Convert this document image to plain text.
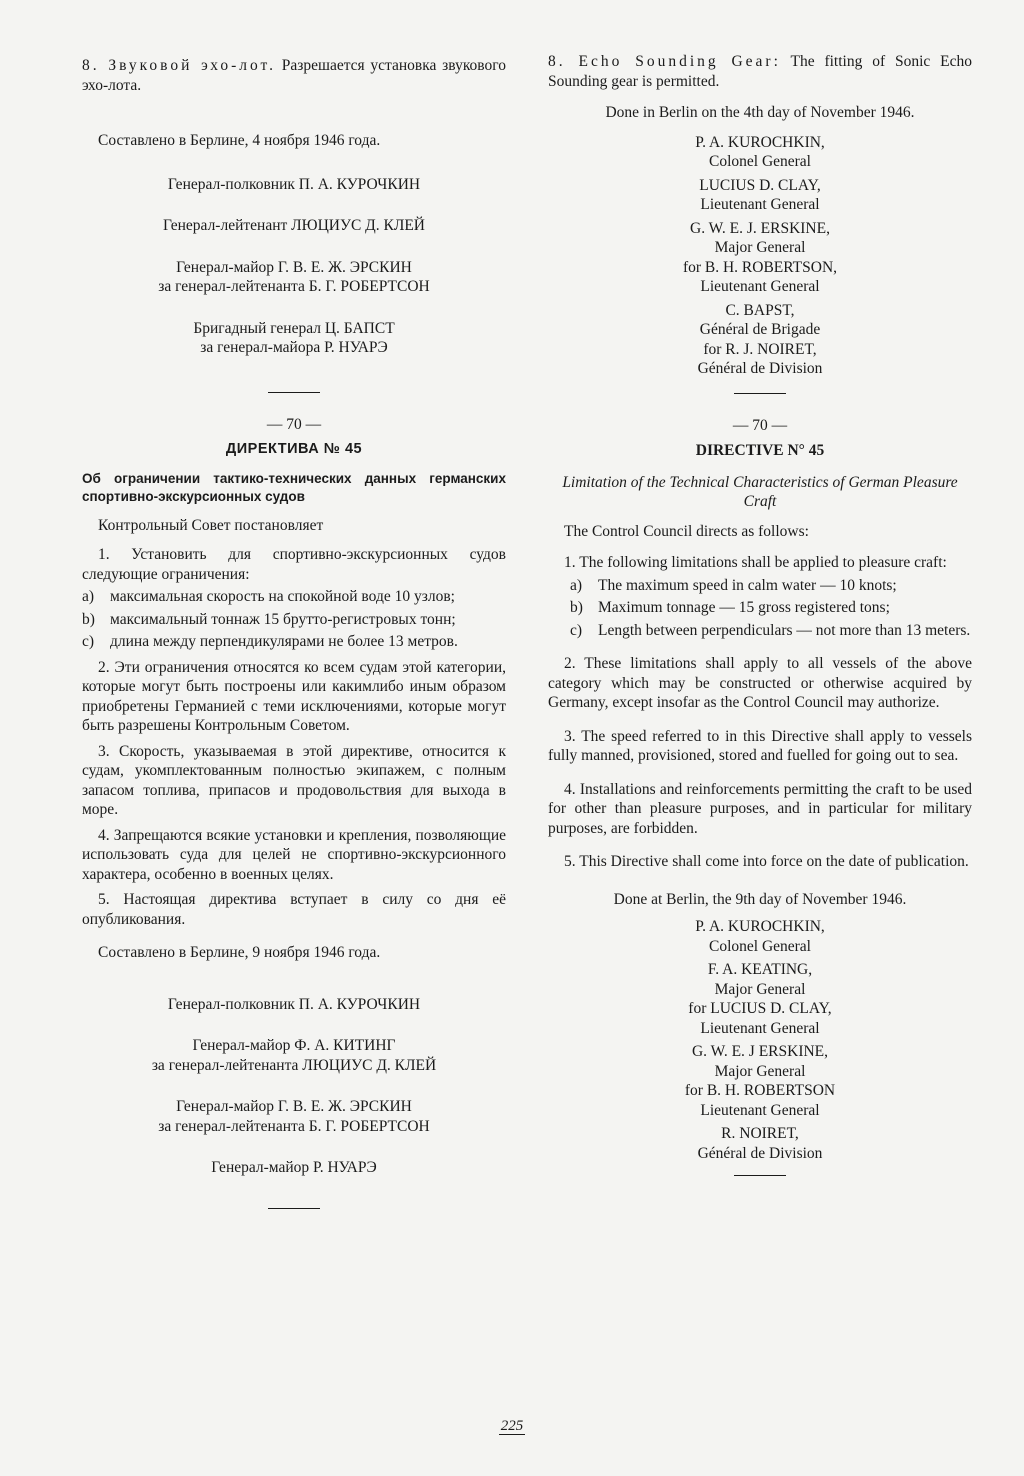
8. Звуковой эхо-лот. Разрешается установка звукового эхо-лота.

Составлено в Берлине, 4 ноября 1946 года.

Генерал-полковник П. А. КУРОЧКИН
Генерал-лейтенант ЛЮЦИУС Д. КЛЕЙ
Генерал-майор Г. В. Е. Ж. ЭРСКИН
за генерал-лейтенанта Б. Г. РОБЕРТСОН
Бригадный генерал Ц. БАПСТ
за генерал-майора Р. НУАРЭ

— 70 —

ДИРЕКТИВА № 45

Об ограничении тактико-технических данных германских спортивно-экскурсионных судов

Контрольный Совет постановляет

1. Установить для спортивно-экскурсионных судов следующие ограничения:

а)	максимальная скорость на спокойной воде 10 узлов;
b) максимальный тоннаж 15 брутто-регистровых тонн;
с)	длина между перпендикулярами не более 13 метров.

2. Эти ограничения относятся ко всем судам этой категории, которые могут быть построены или какимлибо иным образом приобретены Германией с теми исключениями, которые могут быть разрешены Контрольным Советом.

3. Скорость, указываемая в этой директиве, относится к судам, укомплектованным полностью экипажем, с полным запасом топлива, припасов и продовольствия для выхода в море.

4. Запрещаются всякие установки и крепления, позволяющие использовать суда для целей не спортивно-экскурсионного характера, особенно в военных целях.

5. Настоящая директива вступает в силу со дня её опубликования.

Составлено в Берлине, 9 ноября 1946 года.

Генерал-полковник П. А. КУРОЧКИН
Генерал-майор Ф. А. КИТИНГ
за генерал-лейтенанта ЛЮЦИУС Д. КЛЕЙ
Генерал-майор Г. В. Е. Ж. ЭРСКИН
за генерал-лейтенанта Б. Г. РОБЕРТСОН
Генерал-майор Р. НУАРЭ

8. Echo Sounding Gear: The fitting of Sonic Echo Sounding gear is permitted.

Done in Berlin on the 4th day of November 1946.

P. A. KUROCHKIN,
Colonel General
LUCIUS D. CLAY,
Lieutenant General
G. W. E. J. ERSKINE,
Major General
for B. H. ROBERTSON,
Lieutenant General
C. BAPST,
Général de Brigade
for R. J. NOIRET,
Général de Division

— 70 —

DIRECTIVE N° 45

Limitation of the Technical Characteristics of German Pleasure Craft

The Control Council directs as follows:

1. The following limitations shall be applied to pleasure craft:

a)	The maximum speed in calm water — 10 knots;
b) Maximum tonnage — 15 gross registered tons;
c)	Length between perpendiculars — not more than 13 meters.

2. These limitations shall apply to all vessels of the above category which may be constructed or otherwise acquired by Germany, except insofar as the Control Council may authorize.

3. The speed referred to in this Directive shall apply to vessels fully manned, provisioned, stored and fuelled for going out to sea.

4. Installations and reinforcements permitting the craft to be used for other than pleasure purposes, and in particular for military purposes, are forbidden.

5. This Directive shall come into force on the date of publication.

Done at Berlin, the 9th day of November 1946.

P. A. KUROCHKIN,
Colonel General
F. A. KEATING,
Major General
for LUCIUS D. CLAY,
Lieutenant General
G. W. E. J ERSKINE,
Major General
for B. H. ROBERTSON
Lieutenant General
R. NOIRET,
Général de Division
225
